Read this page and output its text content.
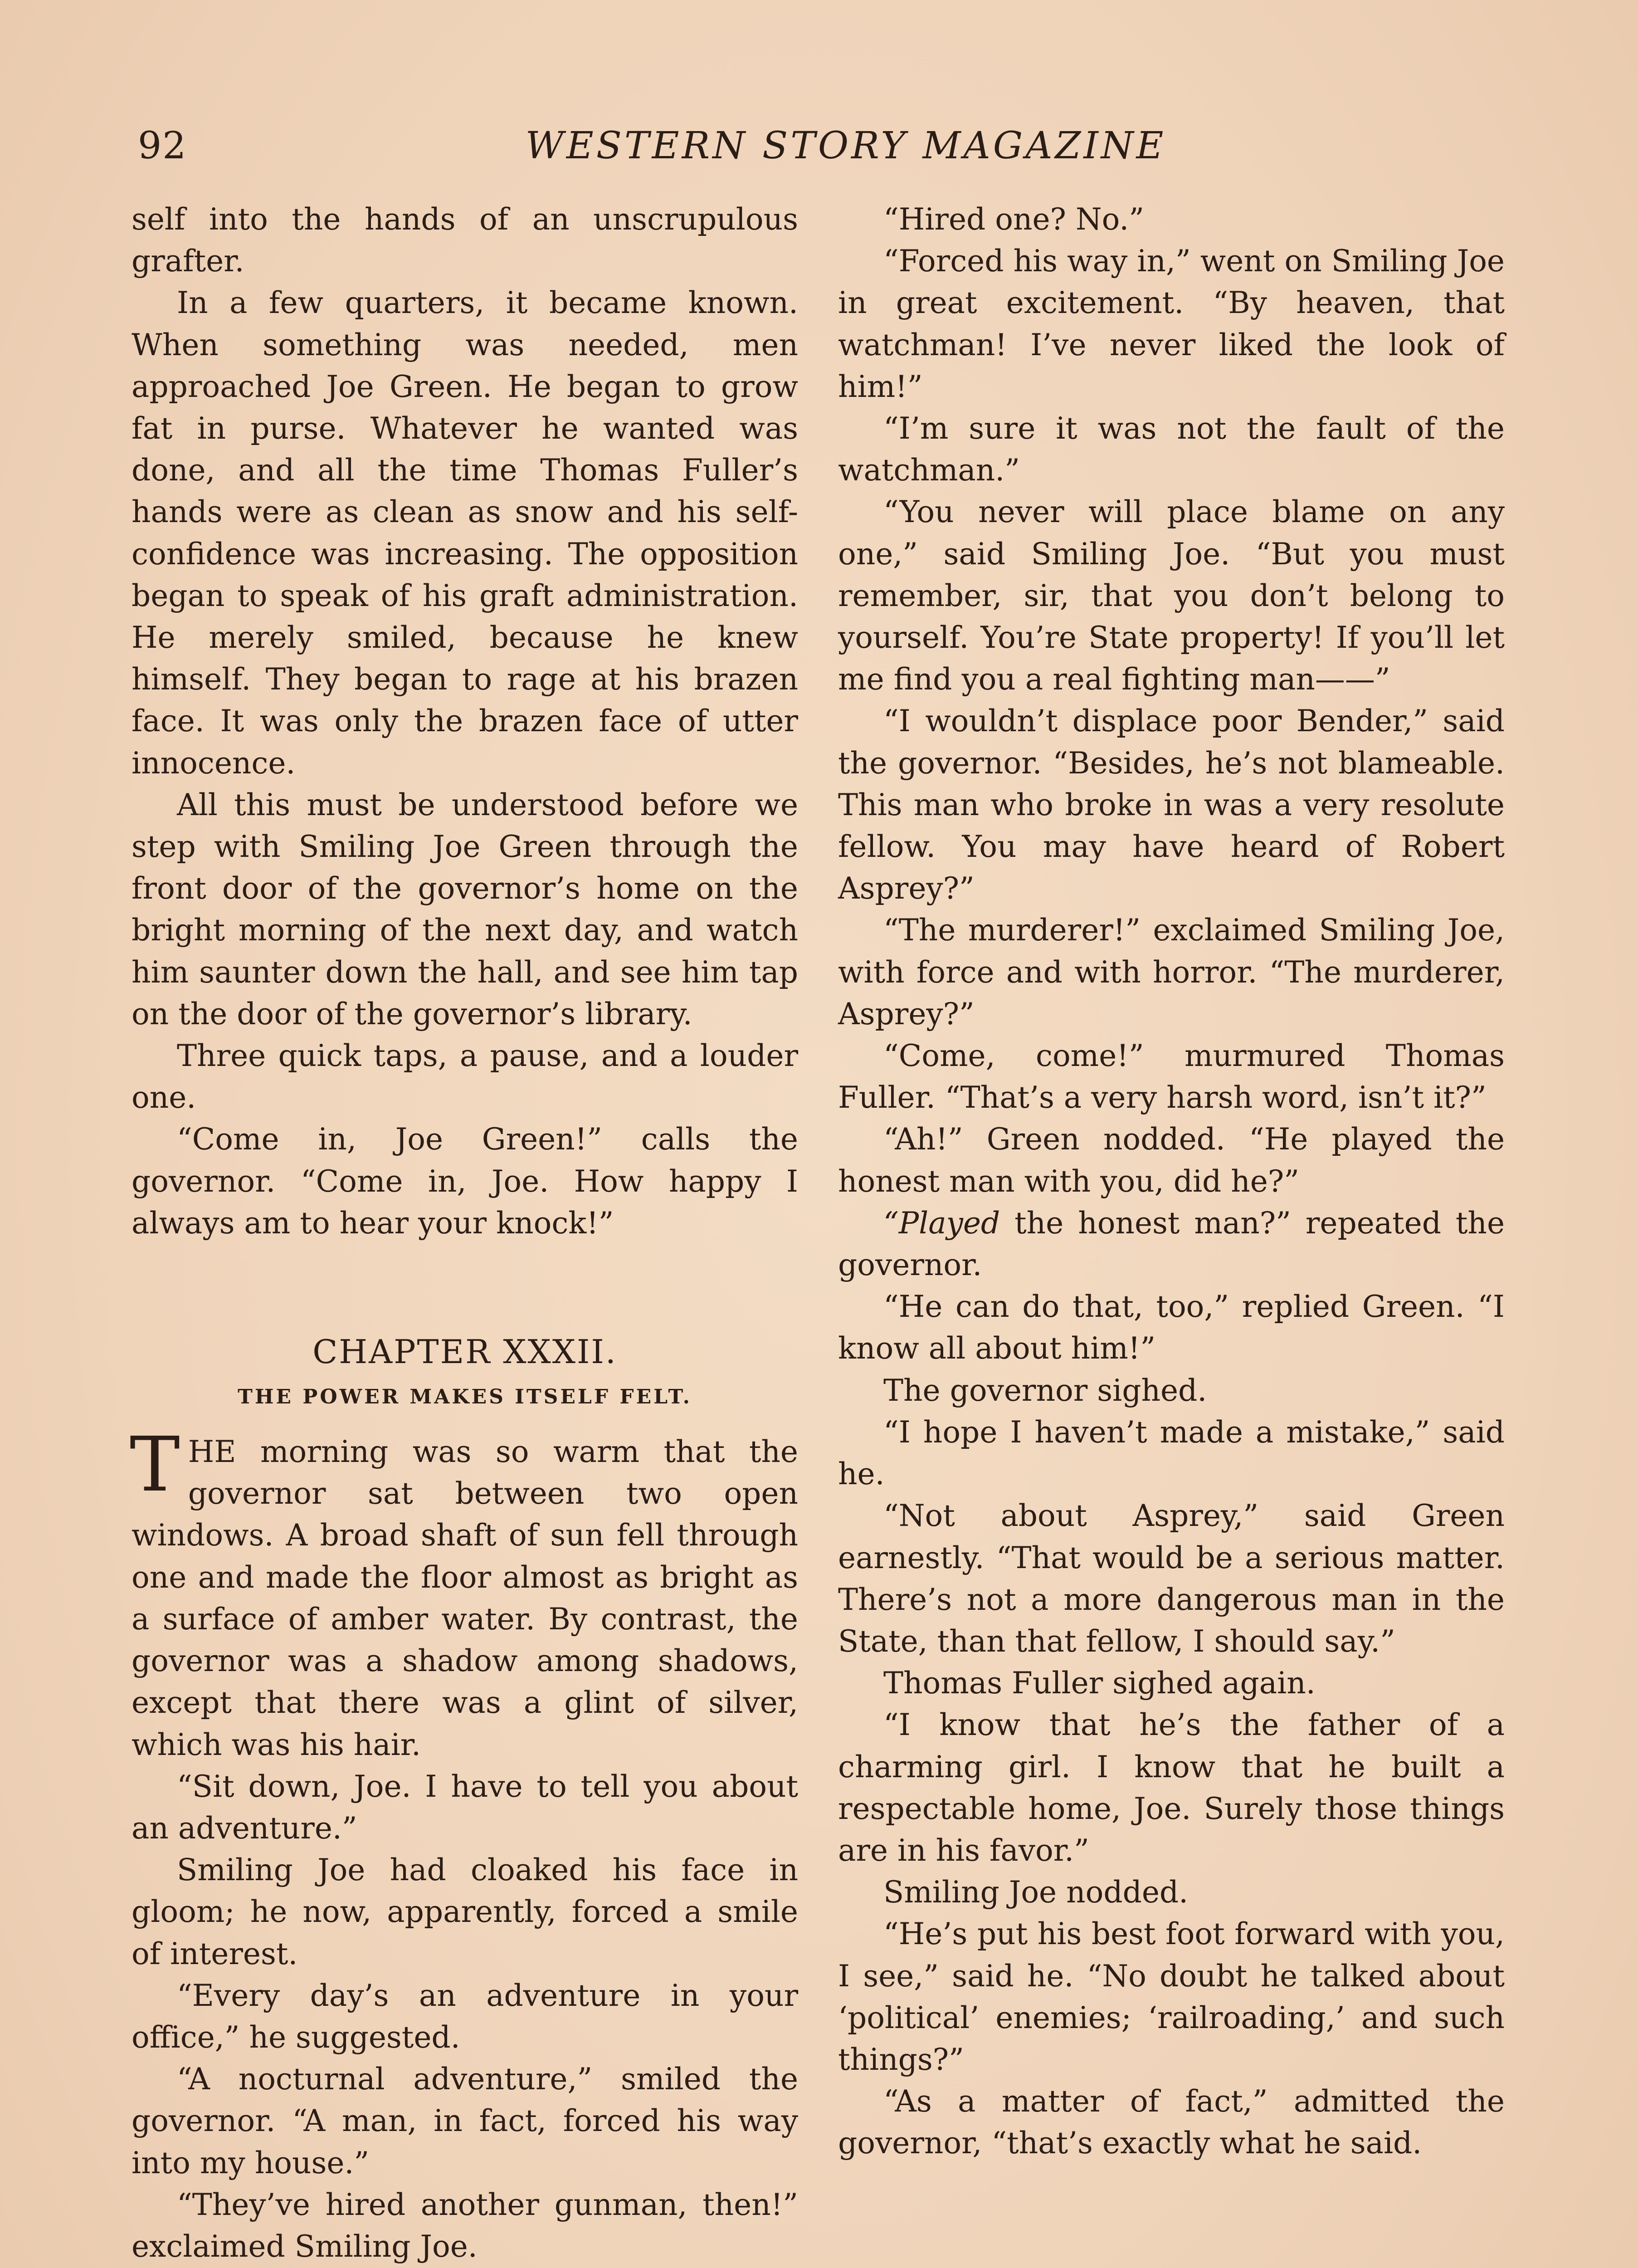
92	WESTERN STORY MAGAZINE

self into the hands of an unscrupulous grafter.

In a few quarters, it became known. When something was needed, men approached Joe Green. He began to grow fat in purse. Whatever he wanted was done, and all the time Thomas Fuller’s hands were as clean as snow and his self-confidence was increasing. The opposition began to speak of his graft administration. He merely smiled, because he knew himself. They began to rage at his brazen face. It was only the brazen face of utter innocence.

All this must be understood before we step with Smiling Joe Green through the front door of the governor’s home on the bright morning of the next day, and watch him saunter down the hall, and see him tap on the door of the governor’s library.

Three quick taps, a pause, and a louder one.

“Come in, Joe Green!” calls the governor. “Come in, Joe. How happy I always am to hear your knock!”

CHAPTER XXXII.
THE POWER MAKES ITSELF FELT.

THE morning was so warm that the governor sat between two open windows. A broad shaft of sun fell through one and made the floor almost as bright as a surface of amber water. By contrast, the governor was a shadow among shadows, except that there was a glint of silver, which was his hair.

“Sit down, Joe. I have to tell you about an adventure.”

Smiling Joe had cloaked his face in gloom; he now, apparently, forced a smile of interest.

“Every day’s an adventure in your office,” he suggested.

“A nocturnal adventure,” smiled the governor. “A man, in fact, forced his way into my house.”

“They’ve hired another gunman, then!” exclaimed Smiling Joe.

“Hired one? No.”

“Forced his way in,” went on Smiling Joe in great excitement. “By heaven, that watchman! I’ve never liked the look of him!”

“I’m sure it was not the fault of the watchman.”

“You never will place blame on any one,” said Smiling Joe. “But you must remember, sir, that you don’t belong to yourself. You’re State property! If you’ll let me find you a real fighting man——”

“I wouldn’t displace poor Bender,” said the governor. “Besides, he’s not blameable. This man who broke in was a very resolute fellow. You may have heard of Robert Asprey?”

“The murderer!” exclaimed Smiling Joe, with force and with horror. “The murderer, Asprey?”

“Come, come!” murmured Thomas Fuller. “That’s a very harsh word, isn’t it?”

“Ah!” Green nodded. “He played the honest man with you, did he?”

“Played the honest man?” repeated the governor.

“He can do that, too,” replied Green. “I know all about him!”

The governor sighed.

“I hope I haven’t made a mistake,” said he.

“Not about Asprey,” said Green earnestly. “That would be a serious matter. There’s not a more dangerous man in the State, than that fellow, I should say.”

Thomas Fuller sighed again.

“I know that he’s the father of a charming girl. I know that he built a respectable home, Joe. Surely those things are in his favor.”

Smiling Joe nodded.

“He’s put his best foot forward with you, I see,” said he. “No doubt he talked about ‘political’ enemies; ‘railroading,’ and such things?”

“As a matter of fact,” admitted the governor, “that’s exactly what he said.
